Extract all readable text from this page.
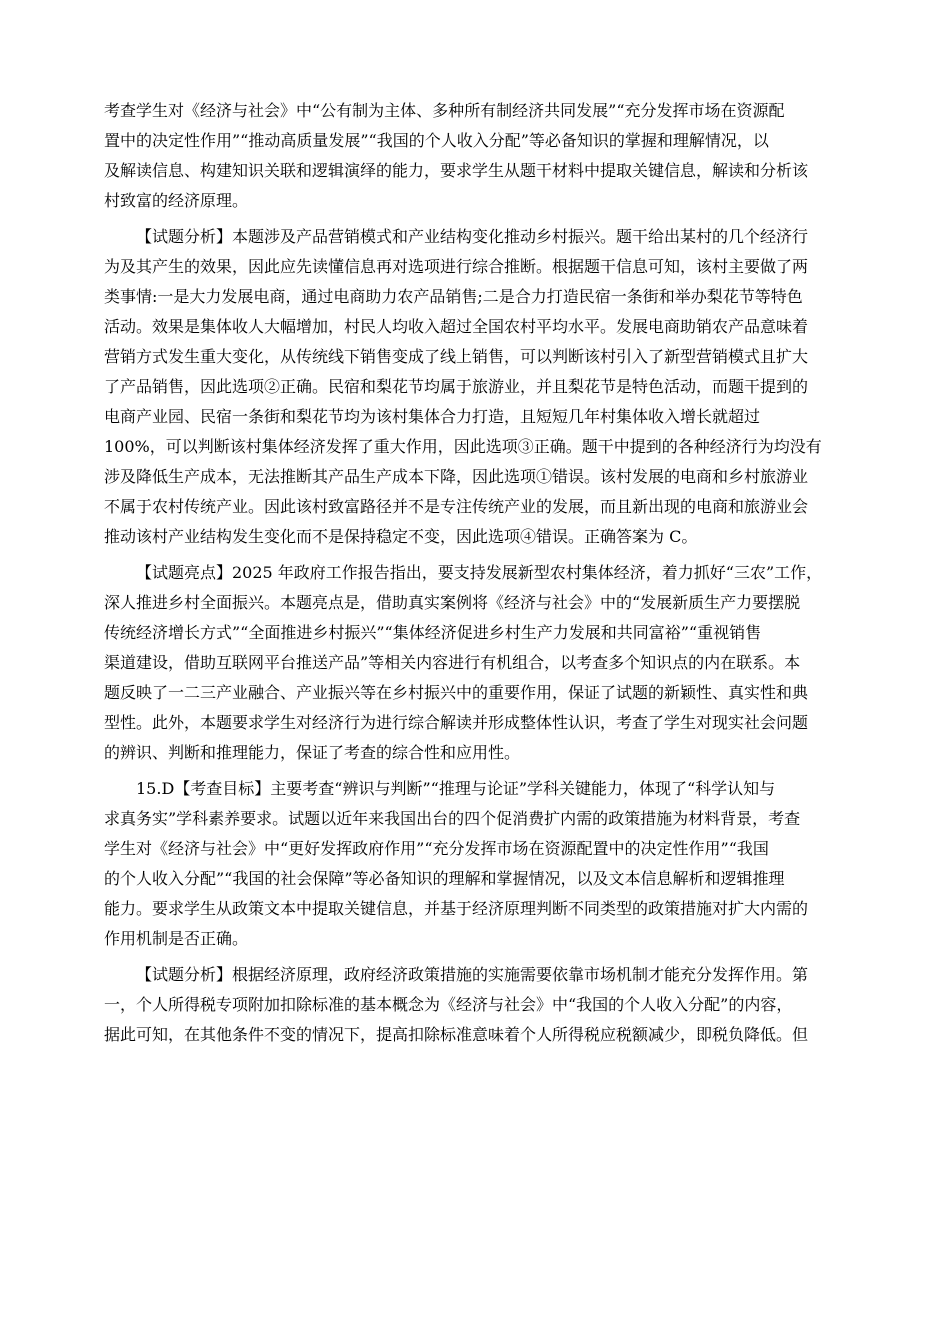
考查学生对《经济与社会》中“公有制为主体、多种所有制经济共同发展”“充分发挥市场在资源配
置中的决定性作用”“推动高质量发展”“我国的个人收入分配”等必备知识的掌握和理解情况，以
及解读信息、构建知识关联和逻辑演绎的能力，要求学生从题干材料中提取关键信息，解读和分析该
村致富的经济原理。
【试题分析】本题涉及产品营销模式和产业结构变化推动乡村振兴。题干给出某村的几个经济行
为及其产生的效果，因此应先读懂信息再对选项进行综合推断。根据题干信息可知，该村主要做了两
类事情:一是大力发展电商，通过电商助力农产品销售;二是合力打造民宿一条街和举办梨花节等特色
活动。效果是集体收人大幅增加，村民人均收入超过全国农村平均水平。发展电商助销农产品意味着
营销方式发生重大变化，从传统线下销售变成了线上销售，可以判断该村引入了新型营销模式且扩大
了产品销售，因此选项②正确。民宿和梨花节均属于旅游业，并且梨花节是特色活动，而题干提到的
电商产业园、民宿一条街和梨花节均为该村集体合力打造，且短短几年村集体收入增长就超过
100%，可以判断该村集体经济发挥了重大作用，因此选项③正确。题干中提到的各种经济行为均没有
涉及降低生产成本，无法推断其产品生产成本下降，因此选项①错误。该村发展的电商和乡村旅游业
不属于农村传统产业。因此该村致富路径并不是专注传统产业的发展，而且新出现的电商和旅游业会
推动该村产业结构发生变化而不是保持稳定不变，因此选项④错误。正确答案为 C。
【试题亮点】2025 年政府工作报告指出，要支持发展新型农村集体经济，着力抓好“三农”工作，
深人推进乡村全面振兴。本题亮点是，借助真实案例将《经济与社会》中的“发展新质生产力要摆脱
传统经济增长方式”“全面推进乡村振兴”“集体经济促进乡村生产力发展和共同富裕”“重视销售
渠道建设，借助互联网平台推送产品”等相关内容进行有机组合，以考查多个知识点的内在联系。本
题反映了一二三产业融合、产业振兴等在乡村振兴中的重要作用，保证了试题的新颖性、真实性和典
型性。此外，本题要求学生对经济行为进行综合解读并形成整体性认识，考查了学生对现实社会问题
的辨识、判断和推理能力，保证了考查的综合性和应用性。
15.D【考查目标】主要考查“辨识与判断”“推理与论证”学科关键能力，体现了“科学认知与
求真务实”学科素养要求。试题以近年来我国出台的四个促消费扩内需的政策措施为材料背景，考查
学生对《经济与社会》中“更好发挥政府作用”“充分发挥市场在资源配置中的决定性作用”“我国
的个人收入分配”“我国的社会保障”等必备知识的理解和掌握情况，以及文本信息解析和逻辑推理
能力。要求学生从政策文本中提取关键信息，并基于经济原理判断不同类型的政策措施对扩大内需的
作用机制是否正确。
【试题分析】根据经济原理，政府经济政策措施的实施需要依靠市场机制才能充分发挥作用。第
一，个人所得税专项附加扣除标准的基本概念为《经济与社会》中“我国的个人收入分配”的内容，
据此可知，在其他条件不变的情况下，提高扣除标准意味着个人所得税应税额减少，即税负降低。但
